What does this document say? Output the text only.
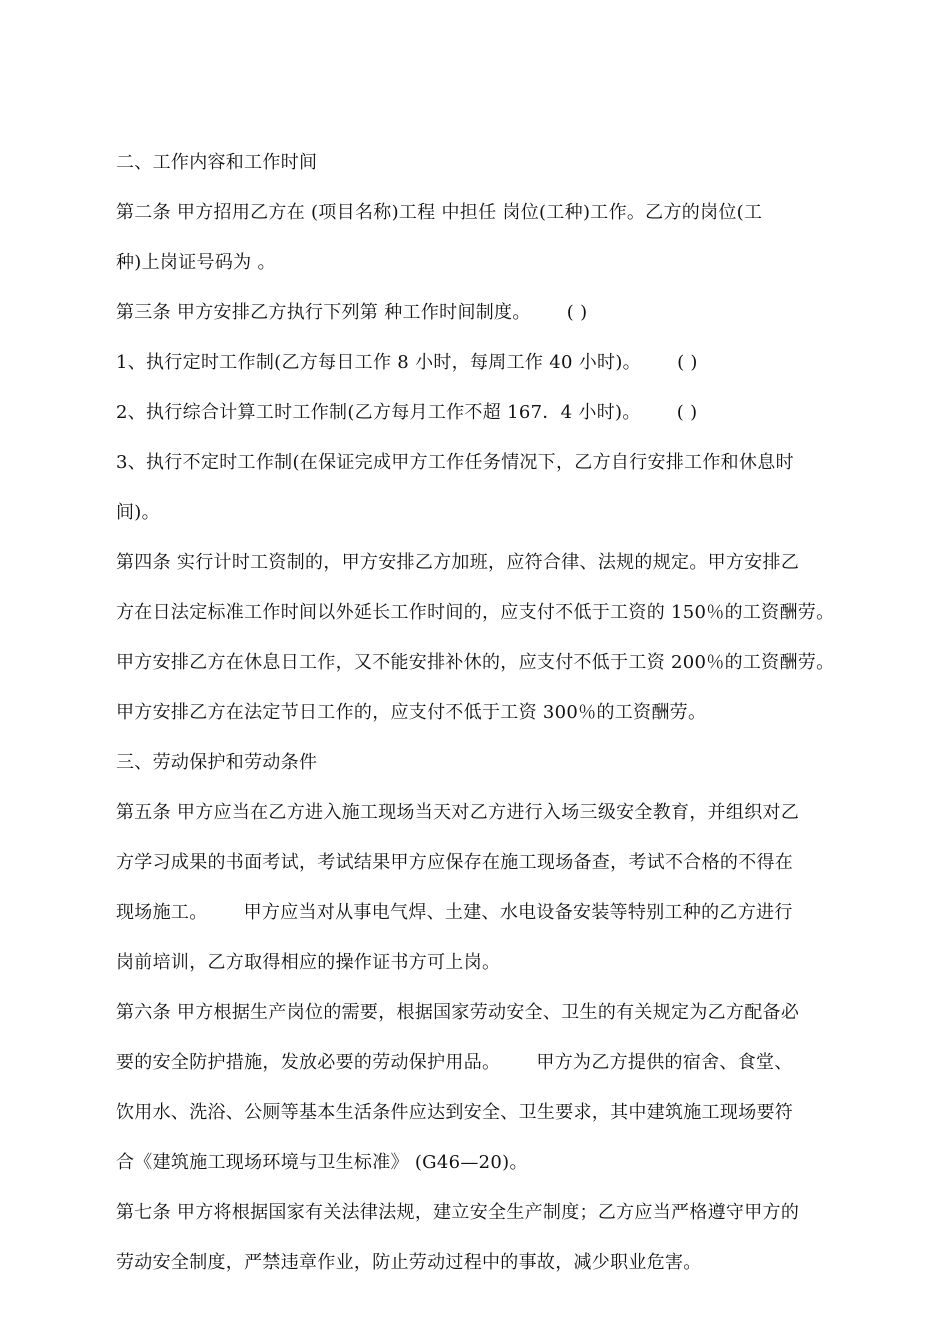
二、工作内容和工作时间
第二条 甲方招用乙方在 (项目名称)工程 中担任 岗位(工种)工作。乙方的岗位(工
种)上岗证号码为 。
第三条 甲方安排乙方执行下列第 种工作时间制度。      ( )
1、执行定时工作制(乙方每日工作 8 小时，每周工作 40 小时)。      ( )
2、执行综合计算工时工作制(乙方每月工作不超 167．4 小时)。      ( )
3、执行不定时工作制(在保证完成甲方工作任务情况下，乙方自行安排工作和休息时
间)。
第四条 实行计时工资制的，甲方安排乙方加班，应符合律、法规的规定。甲方安排乙
方在日法定标准工作时间以外延长工作时间的，应支付不低于工资的 150％的工资酬劳。
甲方安排乙方在休息日工作，又不能安排补休的，应支付不低于工资 200％的工资酬劳。
甲方安排乙方在法定节日工作的，应支付不低于工资 300％的工资酬劳。
三、劳动保护和劳动条件
第五条 甲方应当在乙方进入施工现场当天对乙方进行入场三级安全教育，并组织对乙
方学习成果的书面考试，考试结果甲方应保存在施工现场备查，考试不合格的不得在
现场施工。      甲方应当对从事电气焊、土建、水电设备安装等特别工种的乙方进行
岗前培训，乙方取得相应的操作证书方可上岗。
第六条 甲方根据生产岗位的需要，根据国家劳动安全、卫生的有关规定为乙方配备必
要的安全防护措施，发放必要的劳动保护用品。      甲方为乙方提供的宿舍、食堂、
饮用水、洗浴、公厕等基本生活条件应达到安全、卫生要求，其中建筑施工现场要符
合《建筑施工现场环境与卫生标准》 (G46—20)。
第七条 甲方将根据国家有关法律法规，建立安全生产制度；乙方应当严格遵守甲方的
劳动安全制度，严禁违章作业，防止劳动过程中的事故，减少职业危害。
